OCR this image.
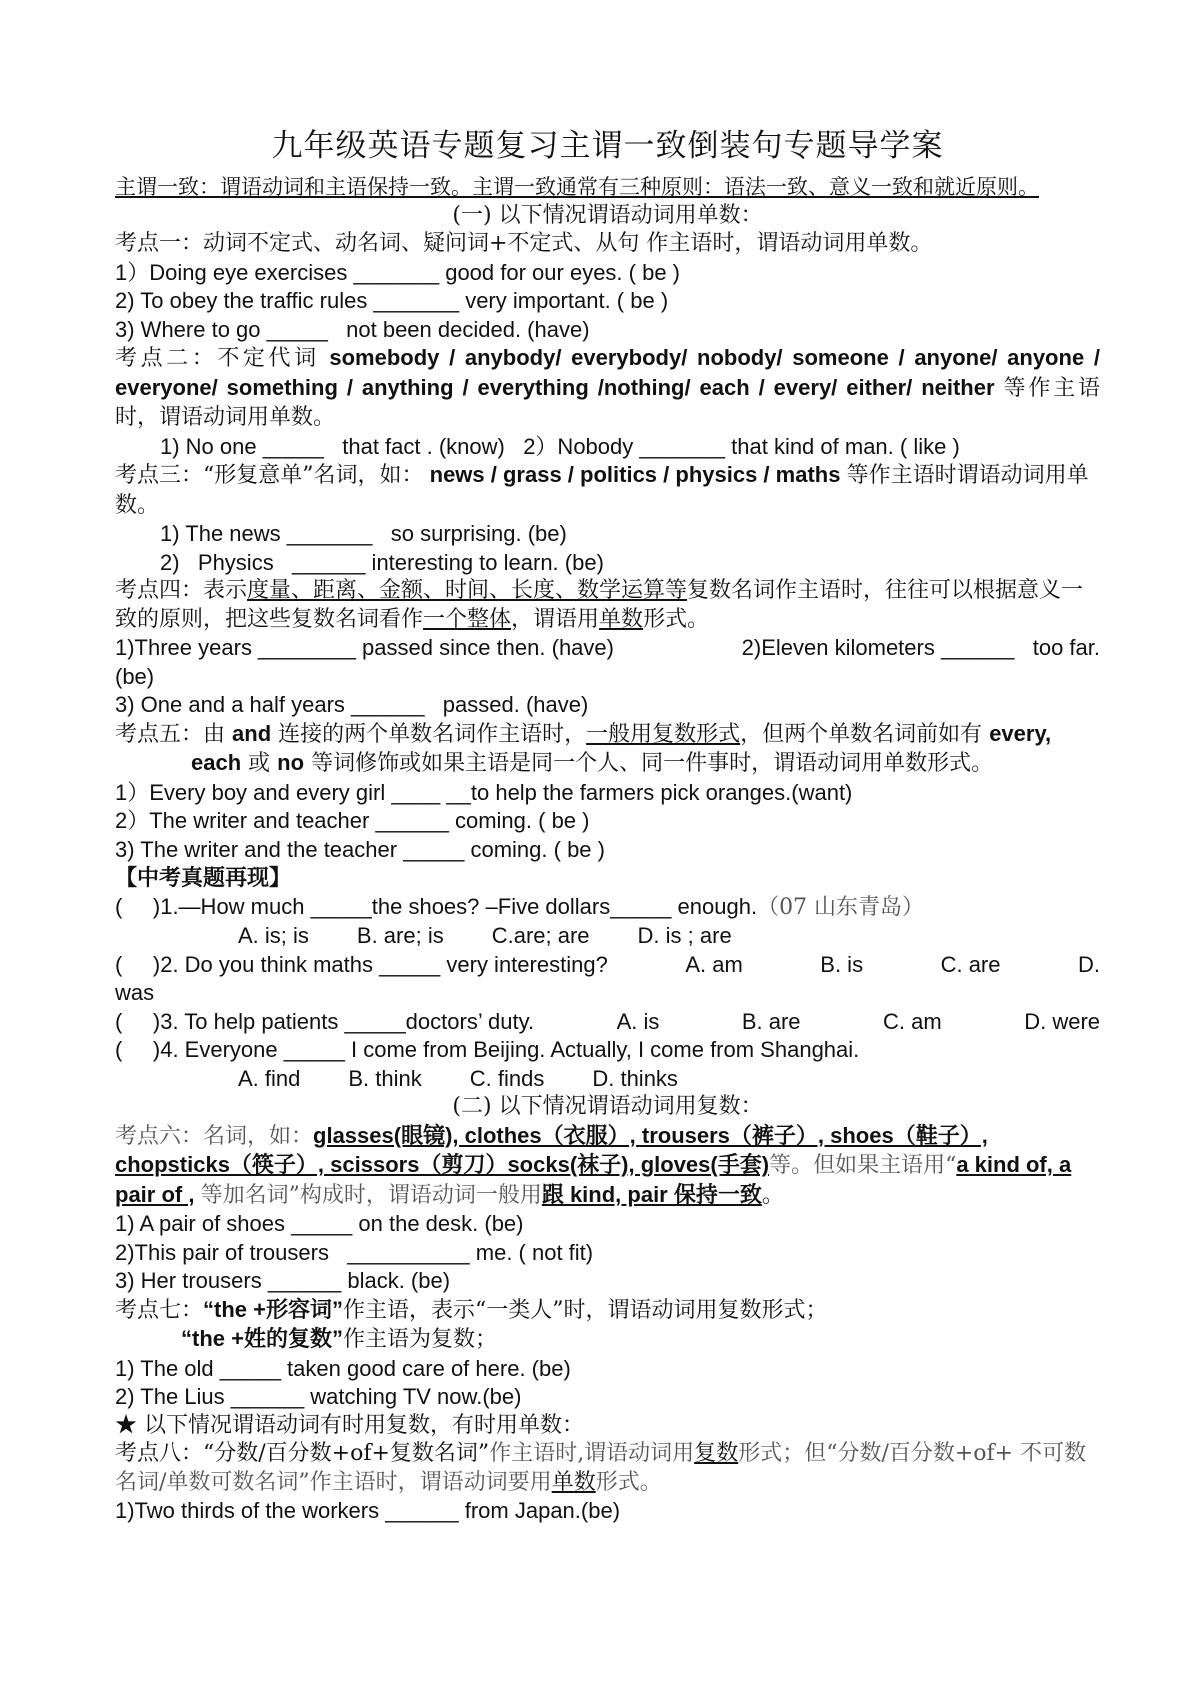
九年级英语专题复习主谓一致倒装句专题导学案
主谓一致：谓语动词和主语保持一致。主谓一致通常有三种原则：语法一致、意义一致和就近原则。
(一) 以下情况谓语动词用单数：
考点一：动词不定式、动名词、疑问词+不定式、从句 作主语时，谓语动词用单数。
1）Doing eye exercises _______ good for our eyes. ( be )
2) To obey the traffic rules _______ very important. ( be )
3) Where to go _____   not been decided. (have)
考点二：不定代词 somebody / anybody/ everybody/ nobody/ someone / anyone/ anyone / everyone/ something / anything / everything /nothing/ each / every/ either/ neither 等作主语时，谓语动词用单数。
1) No one _____   that fact . (know)   2）Nobody _______ that kind of man. ( like )
考点三：“形复意单”名词，如： news / grass / politics / physics / maths 等作主语时谓语动词用单数。
1) The news _______   so surprising. (be)
2)   Physics   ______ interesting to learn. (be)
考点四：表示度量、距离、金额、时间、长度、数学运算等复数名词作主语时，往往可以根据意义一致的原则，把这些复数名词看作一个整体，谓语用单数形式。
1)Three years ________ passed since then. (have)	2)Eleven kilometers ______   too far.
(be)
3) One and a half years ______   passed. (have)
考点五：由 and 连接的两个单数名词作主语时，一般用复数形式，但两个单数名词前如有 every, each 或 no 等词修饰或如果主语是同一个人、同一件事时，谓语动词用单数形式。
1）Every boy and every girl ____ __to help the farmers pick oranges.(want)
2）The writer and teacher ______ coming. ( be )
3) The writer and the teacher _____ coming. ( be )
【中考真题再现】
(     )1.—How much _____the shoes? –Five dollars_____ enough.（07 山东青岛）
A. is; is B. are; is C.are; are D. is ; are
(     )2. Do you think maths _____ very interesting?	A. am	B. is	C. are	D.
was
(     )3. To help patients _____doctors’ duty.	A. is	B. are	C. am	D. were
(     )4. Everyone _____ I come from Beijing. Actually, I come from Shanghai.
A. find B. think C. finds D. thinks
(二) 以下情况谓语动词用复数：
考点六：名词，如：glasses(眼镜), clothes（衣服）, trousers（裤子）, shoes（鞋子）, chopsticks（筷子）, scissors（剪刀）socks(袜子), gloves(手套)等。但如果主语用“a kind of, a pair of , 等加名词”构成时，谓语动词一般用跟 kind, pair 保持一致。
1) A pair of shoes _____ on the desk. (be)
2)This pair of trousers   __________ me. ( not fit)
3) Her trousers ______ black. (be)
考点七：“the +形容词”作主语，表示“一类人”时，谓语动词用复数形式；
“the +姓的复数”作主语为复数；
1) The old _____ taken good care of here. (be)
2) The Lius ______ watching TV now.(be)
★ 以下情况谓语动词有时用复数，有时用单数：
考点八：“分数/百分数+of+复数名词”作主语时,谓语动词用复数形式；但“分数/百分数+of+ 不可数名词/单数可数名词”作主语时，谓语动词要用单数形式。
1)Two thirds of the workers ______ from Japan.(be)
